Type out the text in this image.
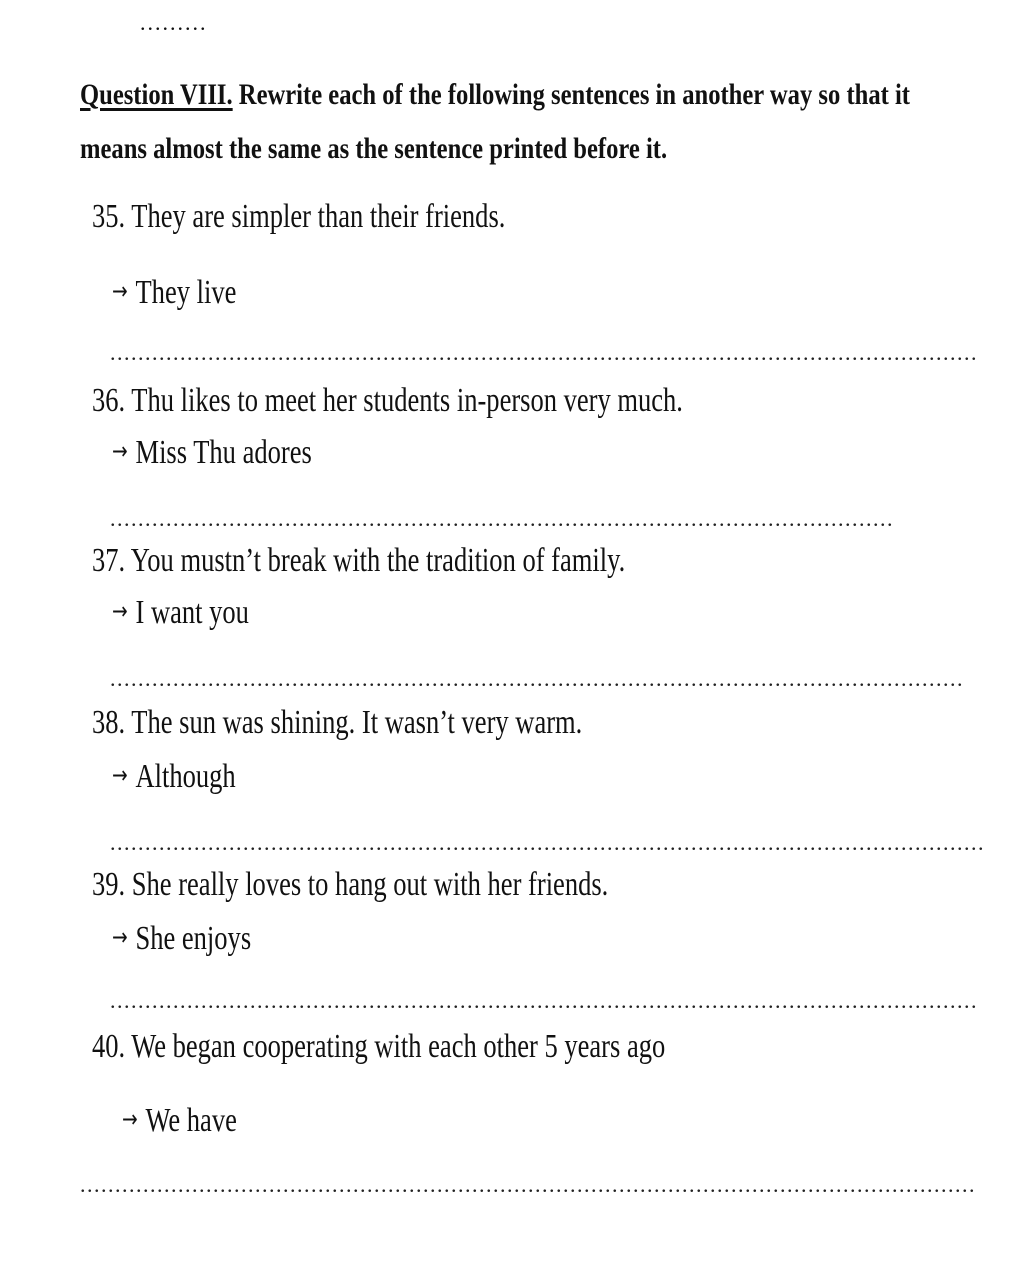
.........
Question VIII. Rewrite each of the following sentences in another way so that it means almost the same as the sentence printed before it.
35. They are simpler than their friends.
→ They live
.....
36. Thu likes to meet her students in-person very much.
→ Miss Thu adores
.....
37. You mustn’t break with the tradition of family.
→ I want you
.....
38. The sun was shining. It wasn’t very warm.
→ Although
.....
39. She really loves to hang out with her friends.
→ She enjoys
.....
40. We began cooperating with each other 5 years ago
→ We have
.....
